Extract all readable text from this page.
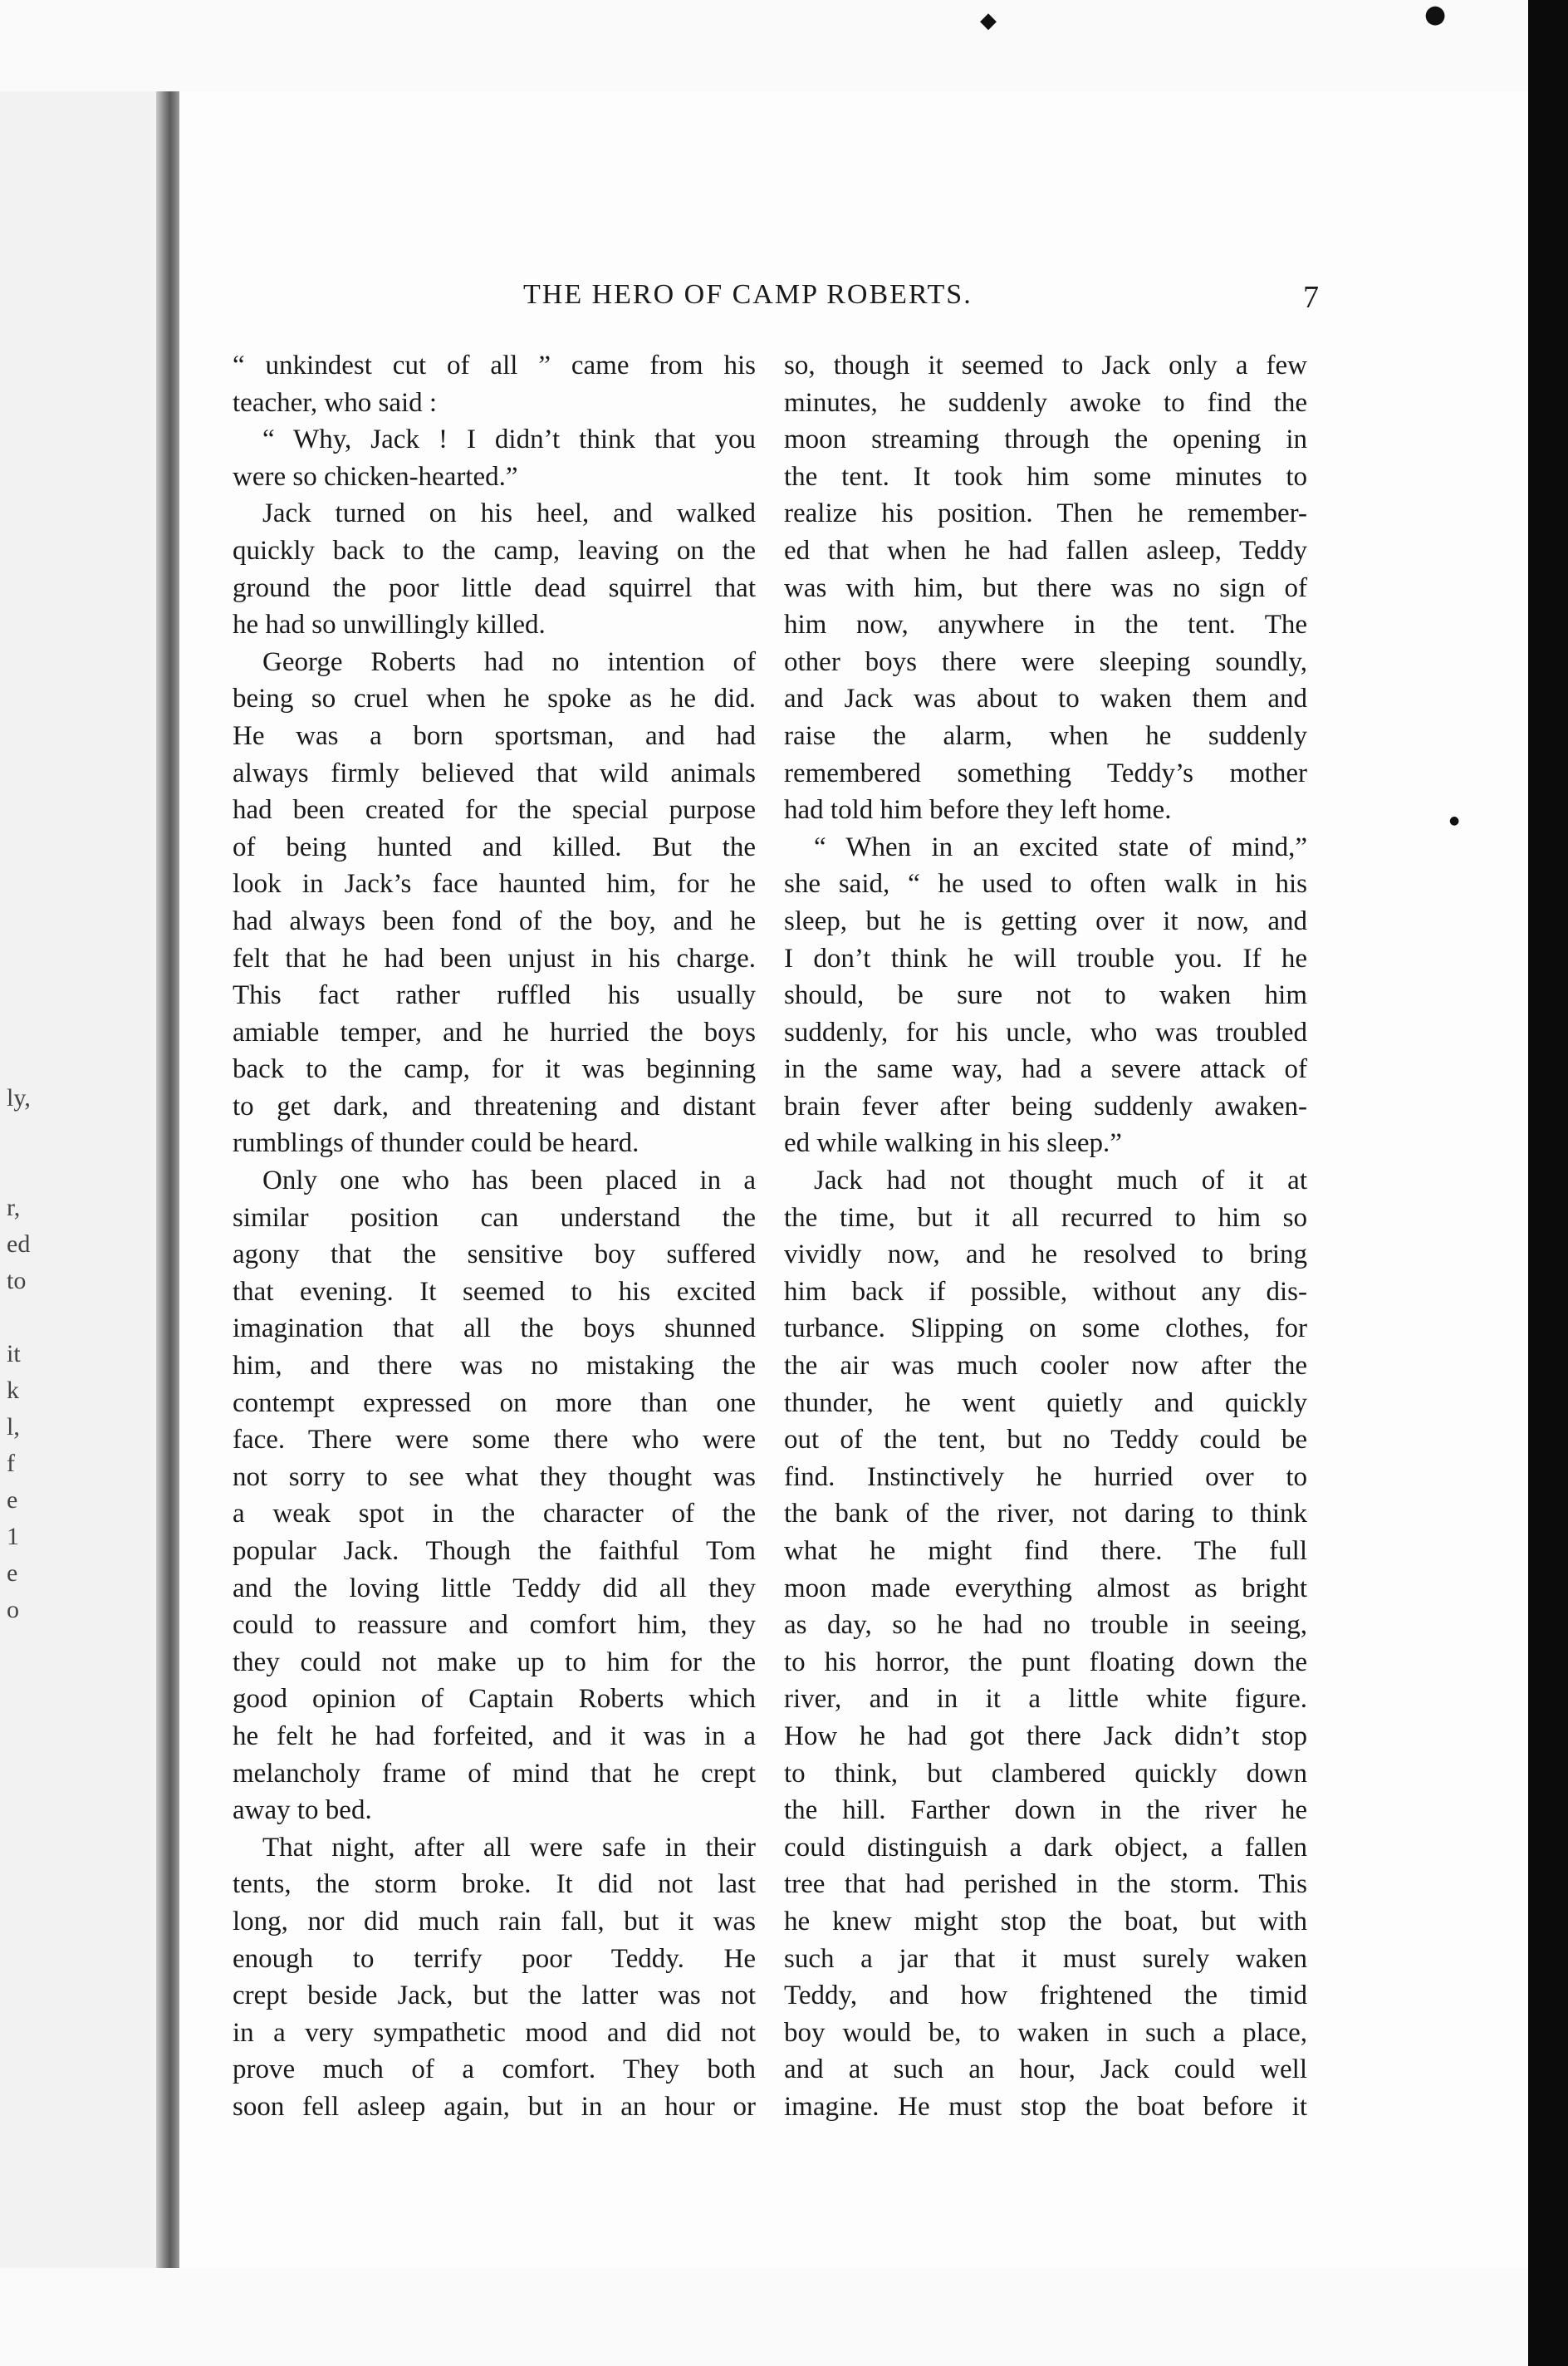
ly,
r,
ed
to
it
k
l,
f
e
1
e
o
THE HERO OF CAMP ROBERTS.	7
“ unkindest cut of all ” came from his
teacher, who said :
“ Why, Jack ! I didn’t think that you
were so chicken-hearted.”
Jack turned on his heel, and walked
quickly back to the camp, leaving on the
ground the poor little dead squirrel that
he had so unwillingly killed.
George Roberts had no intention of
being so cruel when he spoke as he did.
He was a born sportsman, and had
always firmly believed that wild animals
had been created for the special purpose
of being hunted and killed. But the
look in Jack’s face haunted him, for he
had always been fond of the boy, and he
felt that he had been unjust in his charge.
This fact rather ruffled his usually
amiable temper, and he hurried the boys
back to the camp, for it was beginning
to get dark, and threatening and distant
rumblings of thunder could be heard.
Only one who has been placed in a
similar position can understand the
agony that the sensitive boy suffered
that evening. It seemed to his excited
imagination that all the boys shunned
him, and there was no mistaking the
contempt expressed on more than one
face. There were some there who were
not sorry to see what they thought was
a weak spot in the character of the
popular Jack. Though the faithful Tom
and the loving little Teddy did all they
could to reassure and comfort him, they
they could not make up to him for the
good opinion of Captain Roberts which
he felt he had forfeited, and it was in a
melancholy frame of mind that he crept
away to bed.
That night, after all were safe in their
tents, the storm broke. It did not last
long, nor did much rain fall, but it was
enough to terrify poor Teddy. He
crept beside Jack, but the latter was not
in a very sympathetic mood and did not
prove much of a comfort. They both
soon fell asleep again, but in an hour or
so, though it seemed to Jack only a few
minutes, he suddenly awoke to find the
moon streaming through the opening in
the tent. It took him some minutes to
realize his position. Then he remember-
ed that when he had fallen asleep, Teddy
was with him, but there was no sign of
him now, anywhere in the tent. The
other boys there were sleeping soundly,
and Jack was about to waken them and
raise the alarm, when he suddenly
remembered something Teddy’s mother
had told him before they left home.
“ When in an excited state of mind,”
she said, “ he used to often walk in his
sleep, but he is getting over it now, and
I don’t think he will trouble you. If he
should, be sure not to waken him
suddenly, for his uncle, who was troubled
in the same way, had a severe attack of
brain fever after being suddenly awaken-
ed while walking in his sleep.”
Jack had not thought much of it at
the time, but it all recurred to him so
vividly now, and he resolved to bring
him back if possible, without any dis-
turbance. Slipping on some clothes, for
the air was much cooler now after the
thunder, he went quietly and quickly
out of the tent, but no Teddy could be
find. Instinctively he hurried over to
the bank of the river, not daring to think
what he might find there. The full
moon made everything almost as bright
as day, so he had no trouble in seeing,
to his horror, the punt floating down the
river, and in it a little white figure.
How he had got there Jack didn’t stop
to think, but clambered quickly down
the hill. Farther down in the river he
could distinguish a dark object, a fallen
tree that had perished in the storm. This
he knew might stop the boat, but with
such a jar that it must surely waken
Teddy, and how frightened the timid
boy would be, to waken in such a place,
and at such an hour, Jack could well
imagine. He must stop the boat before it
◆	●
●
